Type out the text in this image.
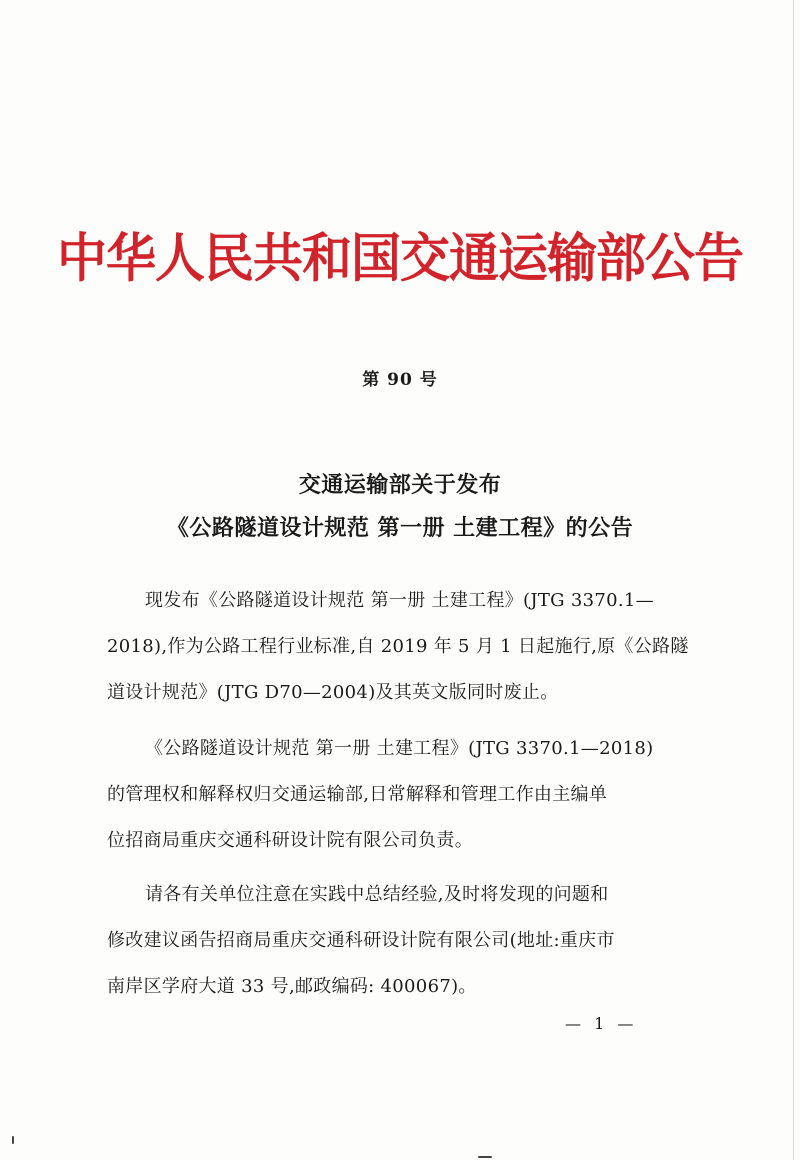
中华人民共和国交通运输部公告
第 90 号
交通运输部关于发布
《公路隧道设计规范 第一册 土建工程》的公告
现发布《公路隧道设计规范 第一册 土建工程》(JTG 3370.1—
2018),作为公路工程行业标准,自 2019 年 5 月 1 日起施行,原《公路隧
道设计规范》(JTG D70—2004)及其英文版同时废止。
《公路隧道设计规范 第一册 土建工程》(JTG 3370.1—2018)
的管理权和解释权归交通运输部,日常解释和管理工作由主编单
位招商局重庆交通科研设计院有限公司负责。
请各有关单位注意在实践中总结经验,及时将发现的问题和
修改建议函告招商局重庆交通科研设计院有限公司(地址:重庆市
南岸区学府大道 33 号,邮政编码: 400067)。
— 1 —
